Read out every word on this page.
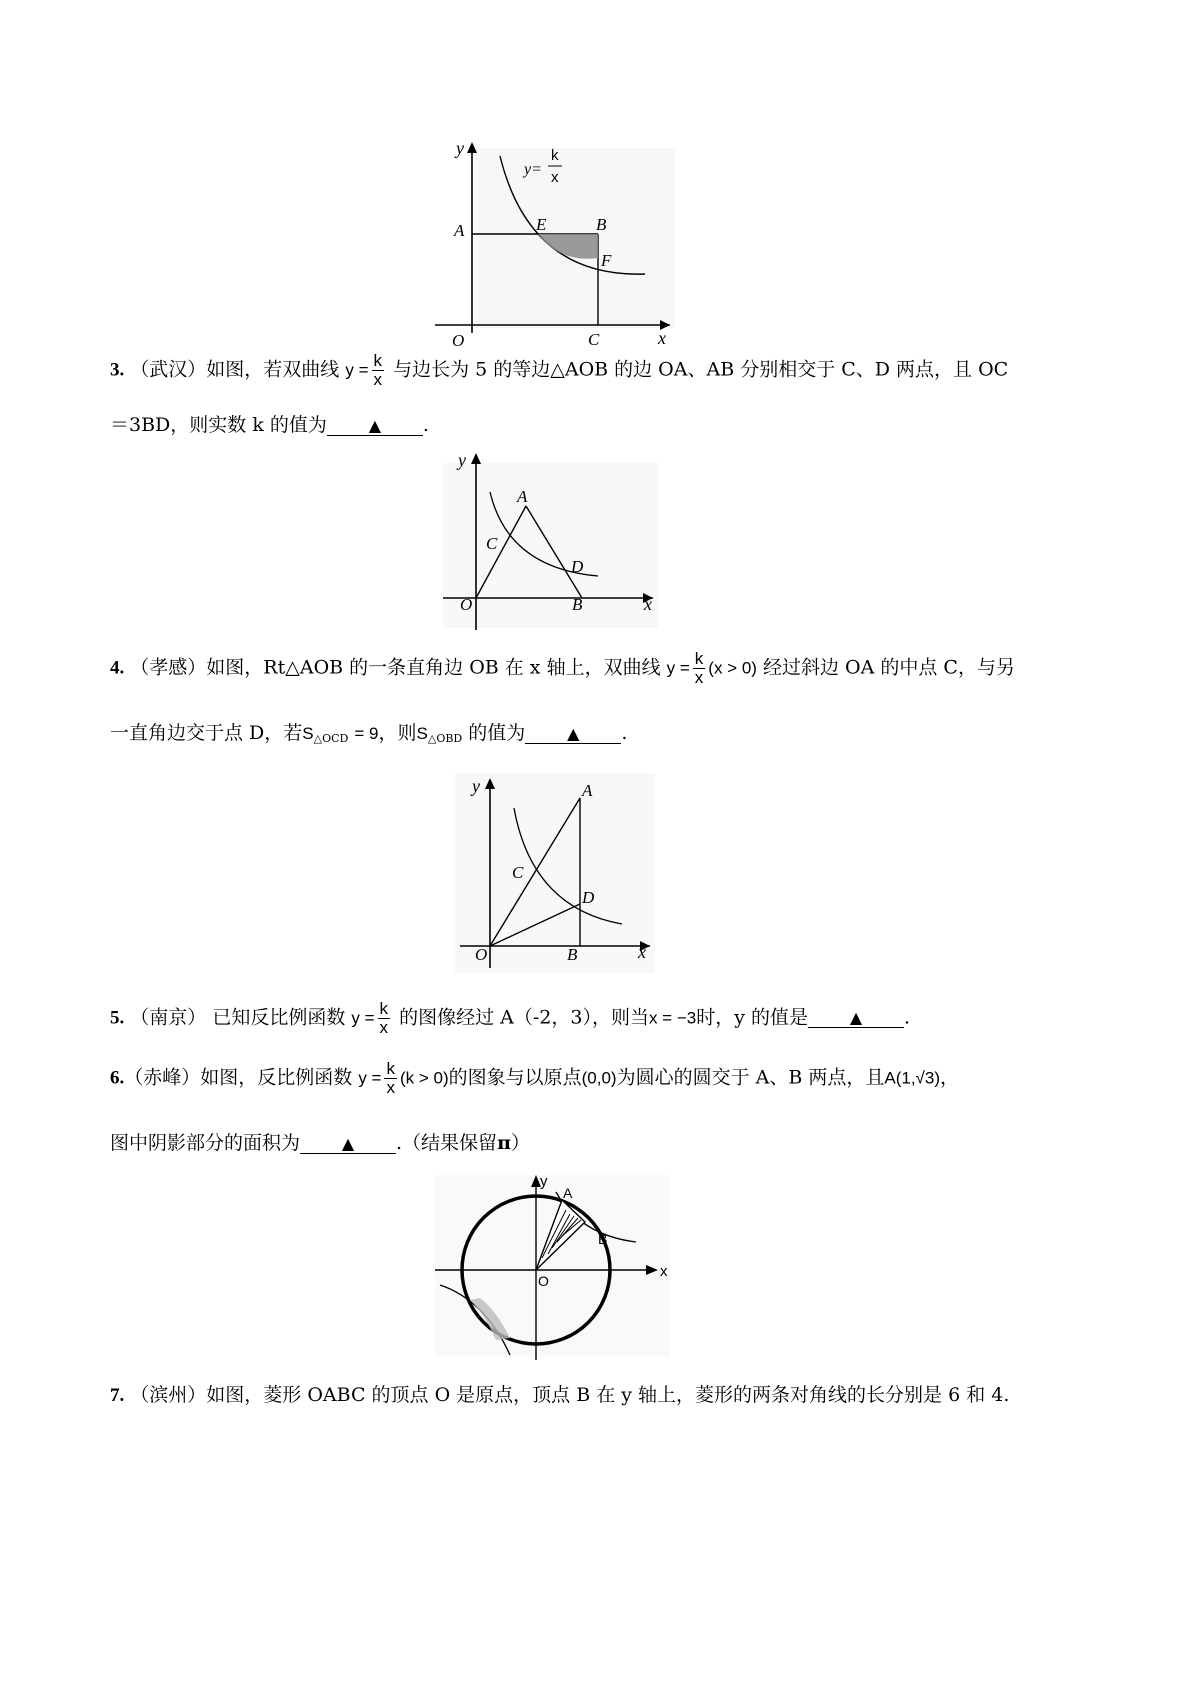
y
x
O
A	E	B
F
C
y=
k
x
3. （武汉）如图，若双曲线 $y = \frac{k}{x}$ 与边长为 5 的等边△AOB 的边 OA、AB 分别相交于 C、D 两点，且 OC
＝3BD，则实数 k 的值为	▲ .
y
x
O
A
C
D
B
4. （孝感）如图，Rt△AOB 的一条直角边 OB 在 x 轴上，双曲线 $y = \frac{k}{x} (x > 0)$ 经过斜边 OA 的中点 C，与另
一直角边交于点 D，若$S_{\triangle OCD} = 9$，则$S_{\triangle OBD}$ 的值为	▲ .
y
x
O
A
C
D
B
5. （南京） 已知反比例函数 $y = \frac{k}{x}$ 的图像经过 A（-2，3），则当x = −3时，y 的值是	▲ .
6.（赤峰）如图，反比例函数 $y = \frac{k}{x} (k > 0)$的图象与以原点(0,0)为圆心的圆交于 A、B 两点，且A(1,√3)，
图中阴影部分的面积为	▲ .（结果保留π）
y
x
O
A
B
7. （滨州）如图，菱形 OABC 的顶点 O 是原点，顶点 B 在 y 轴上，菱形的两条对角线的长分别是 6 和 4.
